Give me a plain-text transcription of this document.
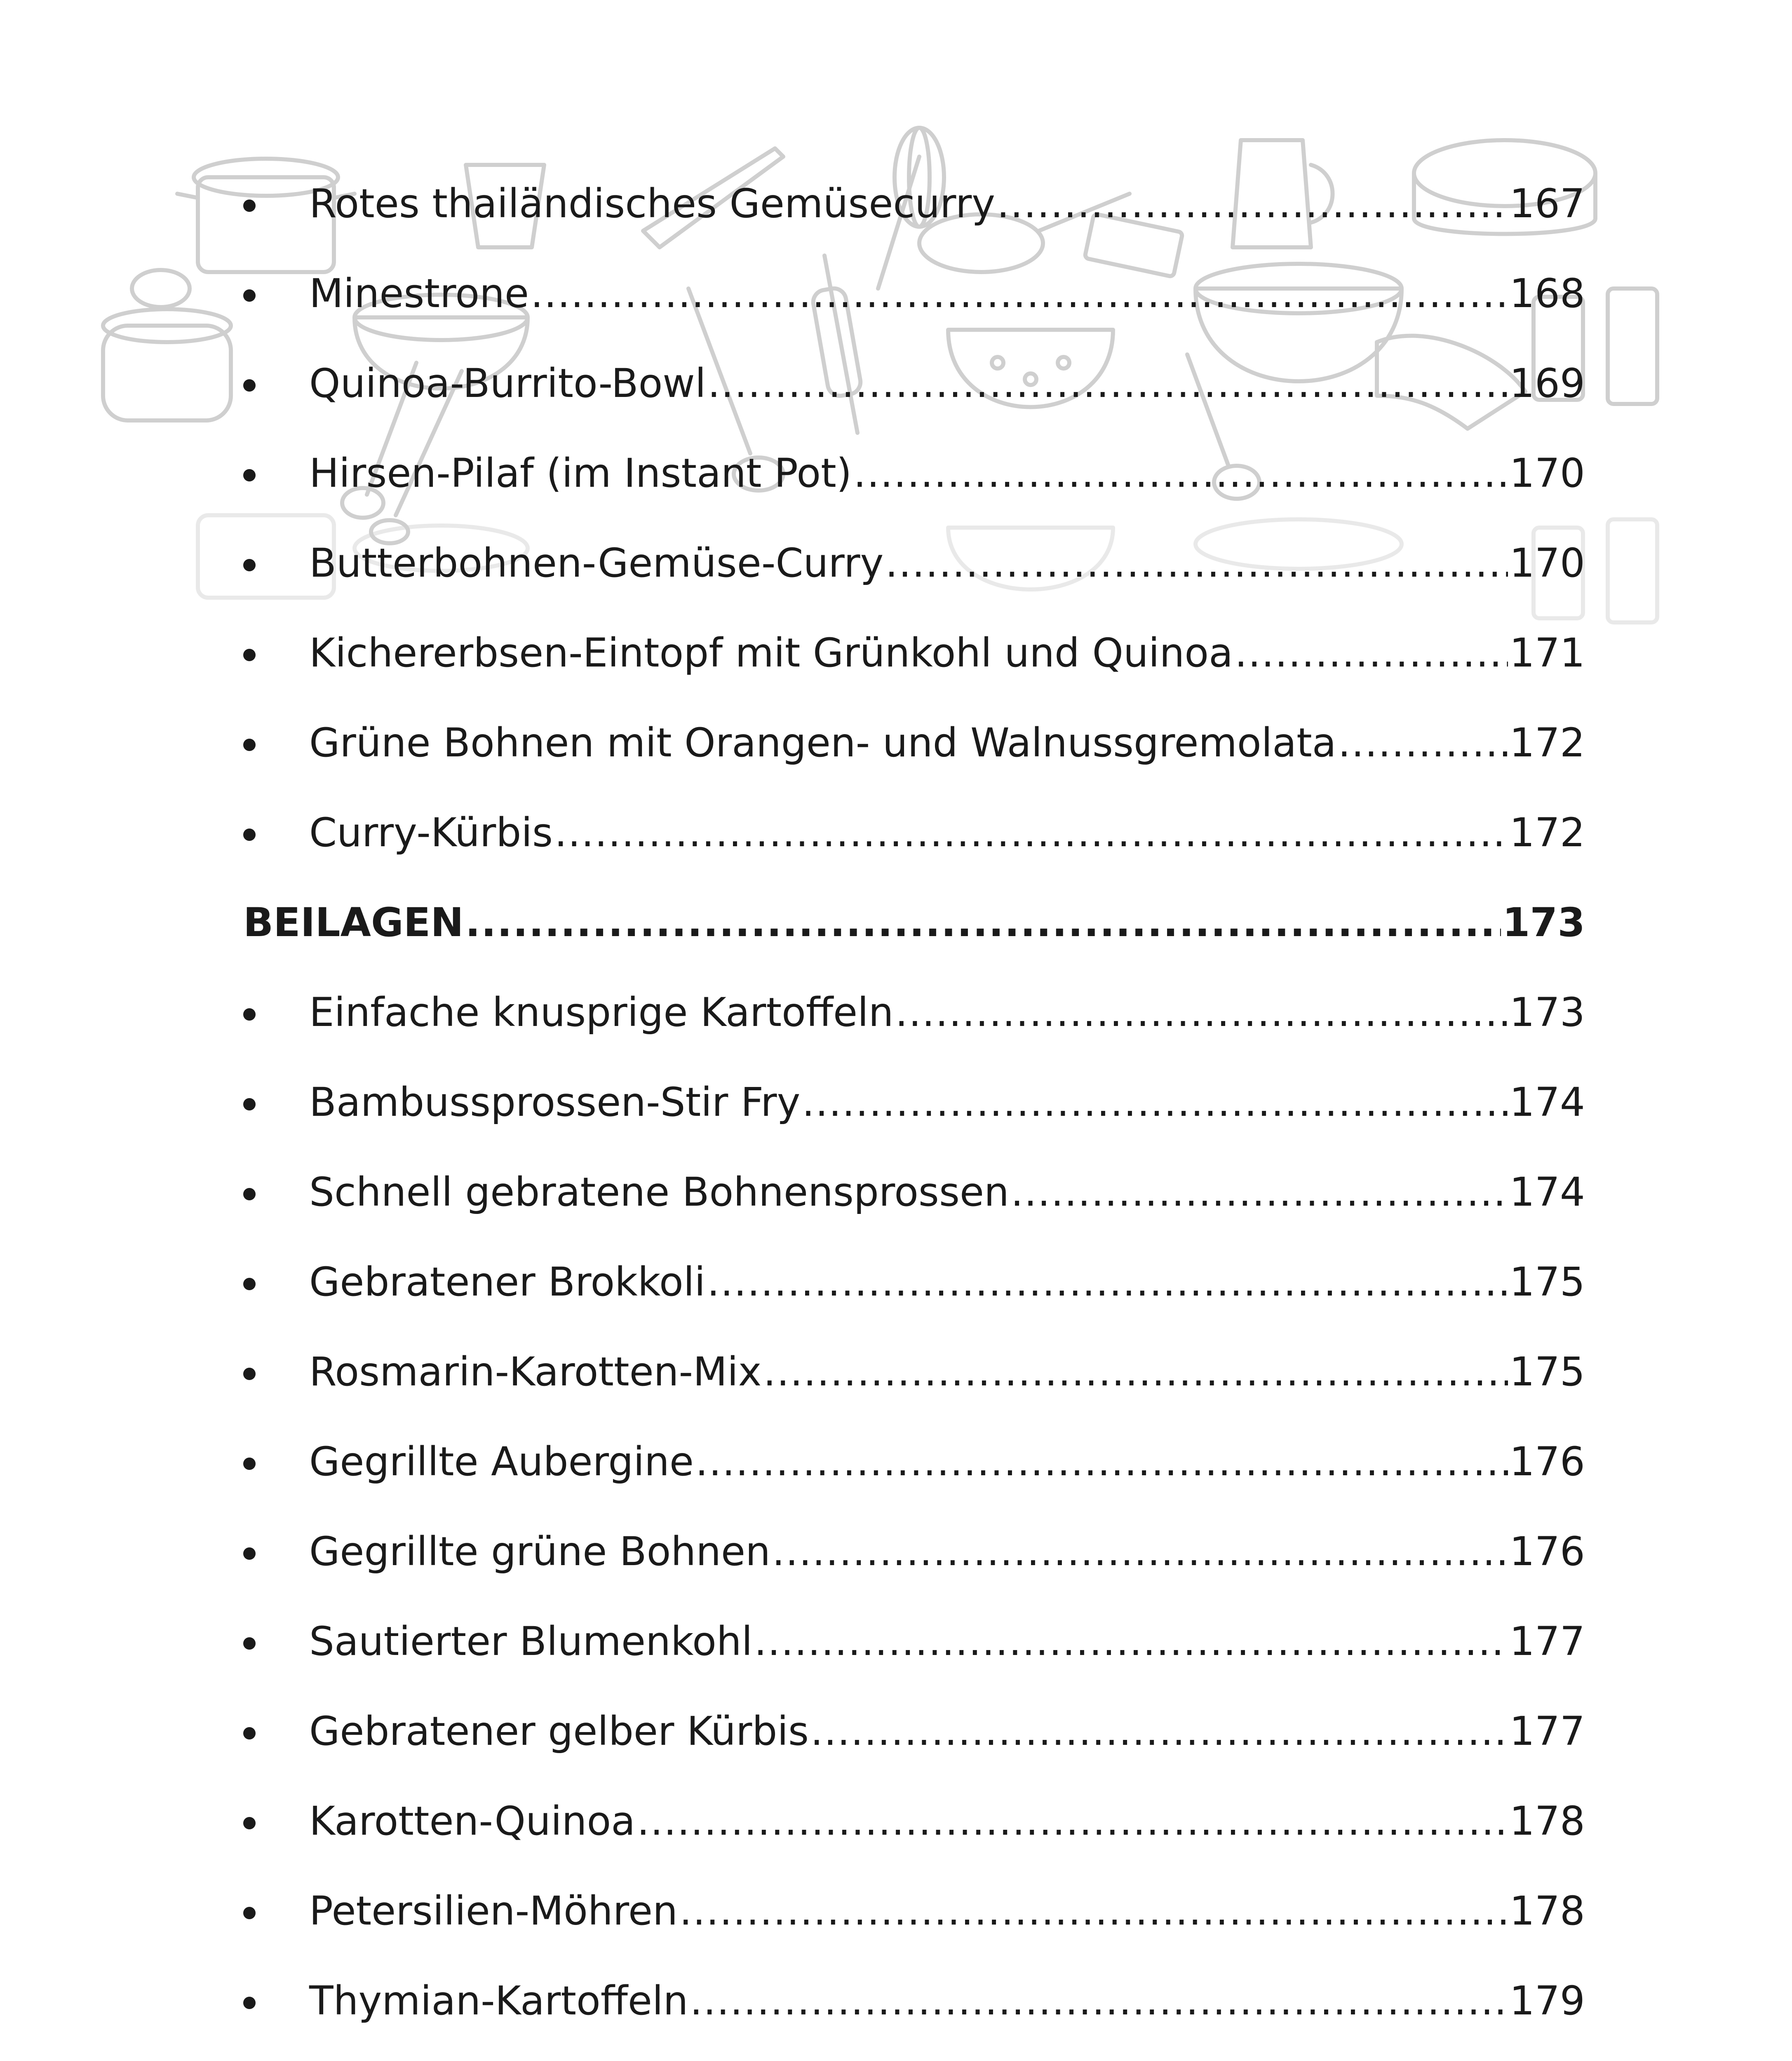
Rotes thailändisches Gemüsecurry .....	167
Minestrone .....	168
Quinoa-Burrito-Bowl .....	169
Hirsen-Pilaf (im Instant Pot) .....	170
Butterbohnen-Gemüse-Curry .....	170
Kichererbsen-Eintopf mit Grünkohl und Quinoa .....	171
Grüne Bohnen mit Orangen- und Walnussgremolata .....	172
Curry-Kürbis .....	172
BEILAGEN .....	173
Einfache knusprige Kartoffeln .....	173
Bambussprossen-Stir Fry .....	174
Schnell gebratene Bohnensprossen .....	174
Gebratener Brokkoli .....	175
Rosmarin-Karotten-Mix .....	175
Gegrillte Aubergine .....	176
Gegrillte grüne Bohnen .....	176
Sautierter Blumenkohl .....	177
Gebratener gelber Kürbis .....	177
Karotten-Quinoa .....	178
Petersilien-Möhren .....	178
Thymian-Kartoffeln .....	179
